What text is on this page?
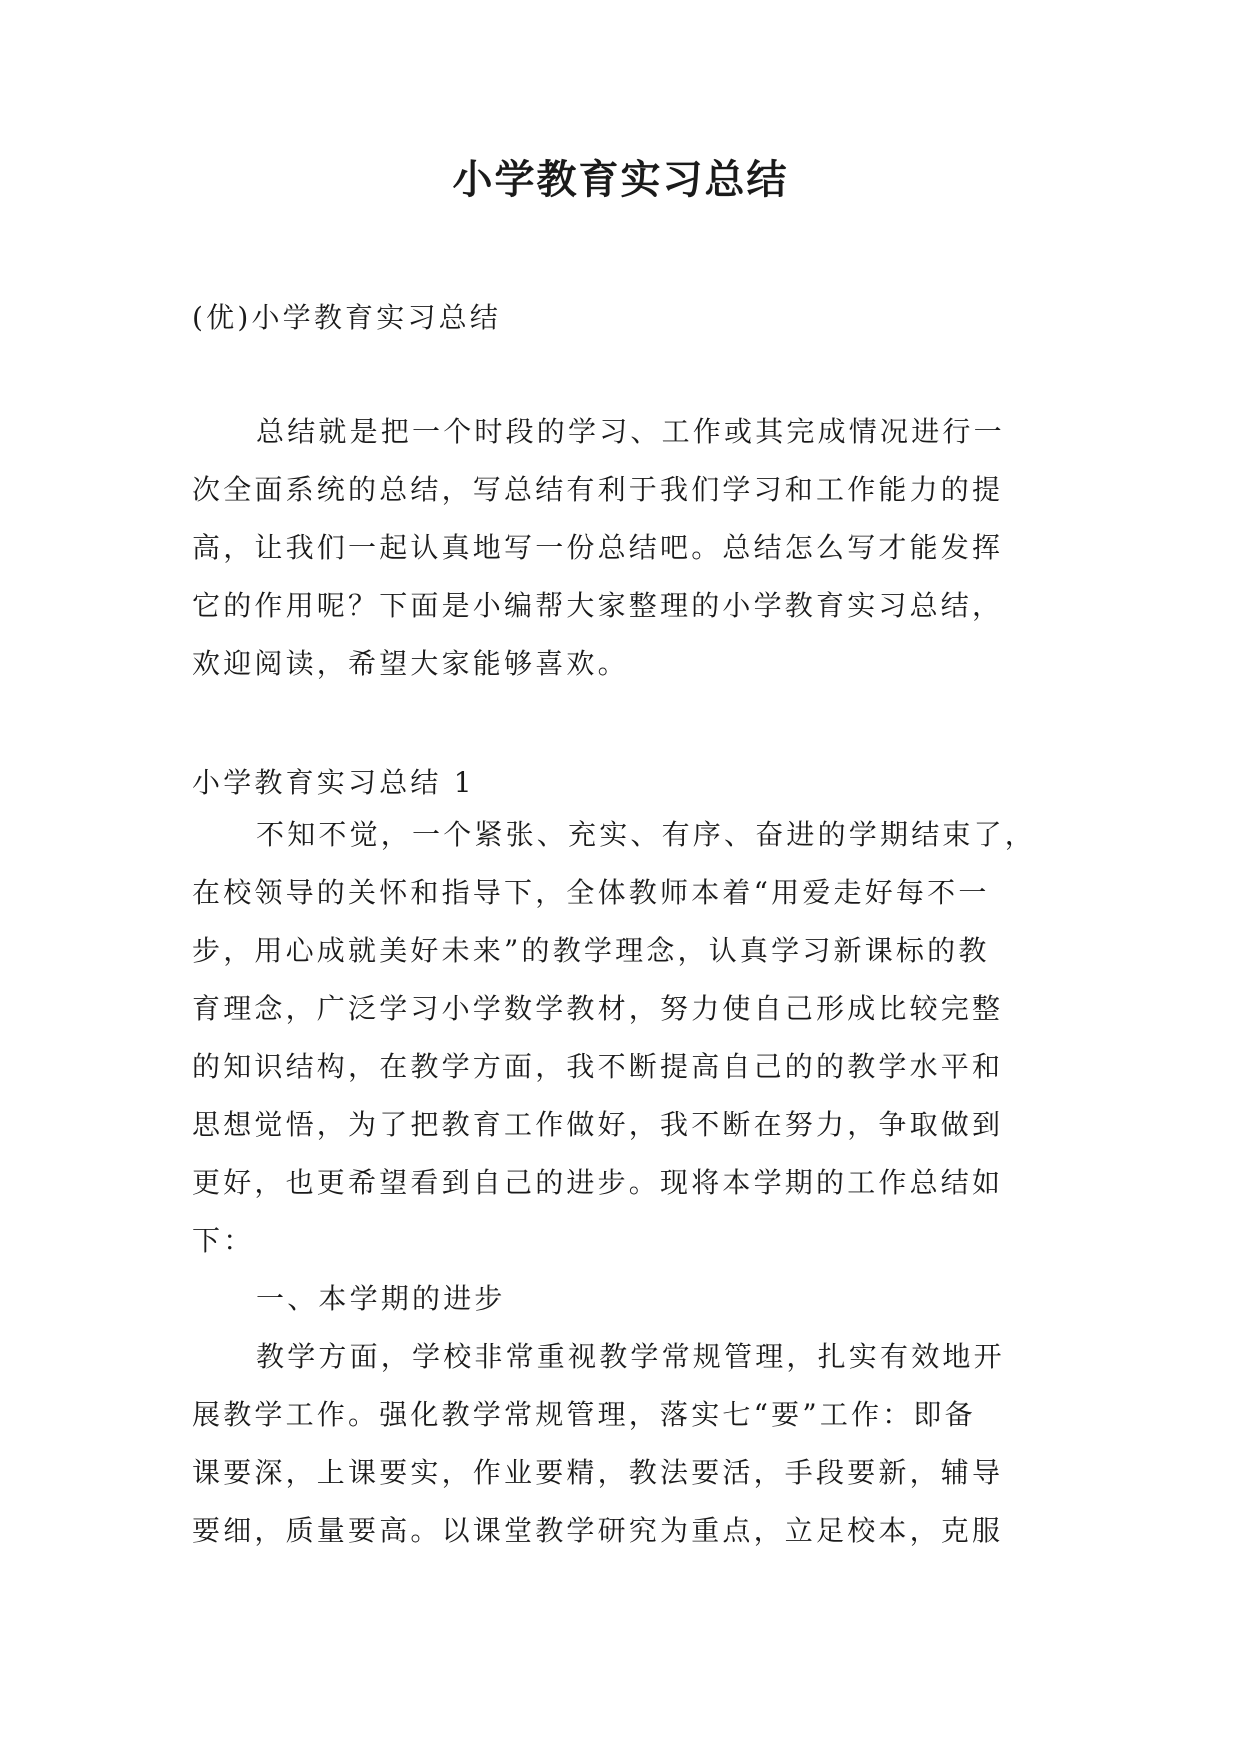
小学教育实习总结

(优)小学教育实习总结

总结就是把一个时段的学习、工作或其完成情况进行一
次全面系统的总结，写总结有利于我们学习和工作能力的提
高，让我们一起认真地写一份总结吧。总结怎么写才能发挥
它的作用呢？下面是小编帮大家整理的小学教育实习总结，
欢迎阅读，希望大家能够喜欢。

小学教育实习总结 1

不知不觉，一个紧张、充实、有序、奋进的学期结束了，
在校领导的关怀和指导下，全体教师本着“用爱走好每不一
步，用心成就美好未来”的教学理念，认真学习新课标的教
育理念，广泛学习小学数学教材，努力使自己形成比较完整
的知识结构，在教学方面，我不断提高自己的的教学水平和
思想觉悟，为了把教育工作做好，我不断在努力，争取做到
更好，也更希望看到自己的进步。现将本学期的工作总结如
下：
一、本学期的进步
教学方面，学校非常重视教学常规管理，扎实有效地开
展教学工作。强化教学常规管理，落实七“要”工作：即备
课要深，上课要实，作业要精，教法要活，手段要新，辅导
要细，质量要高。以课堂教学研究为重点，立足校本，克服
